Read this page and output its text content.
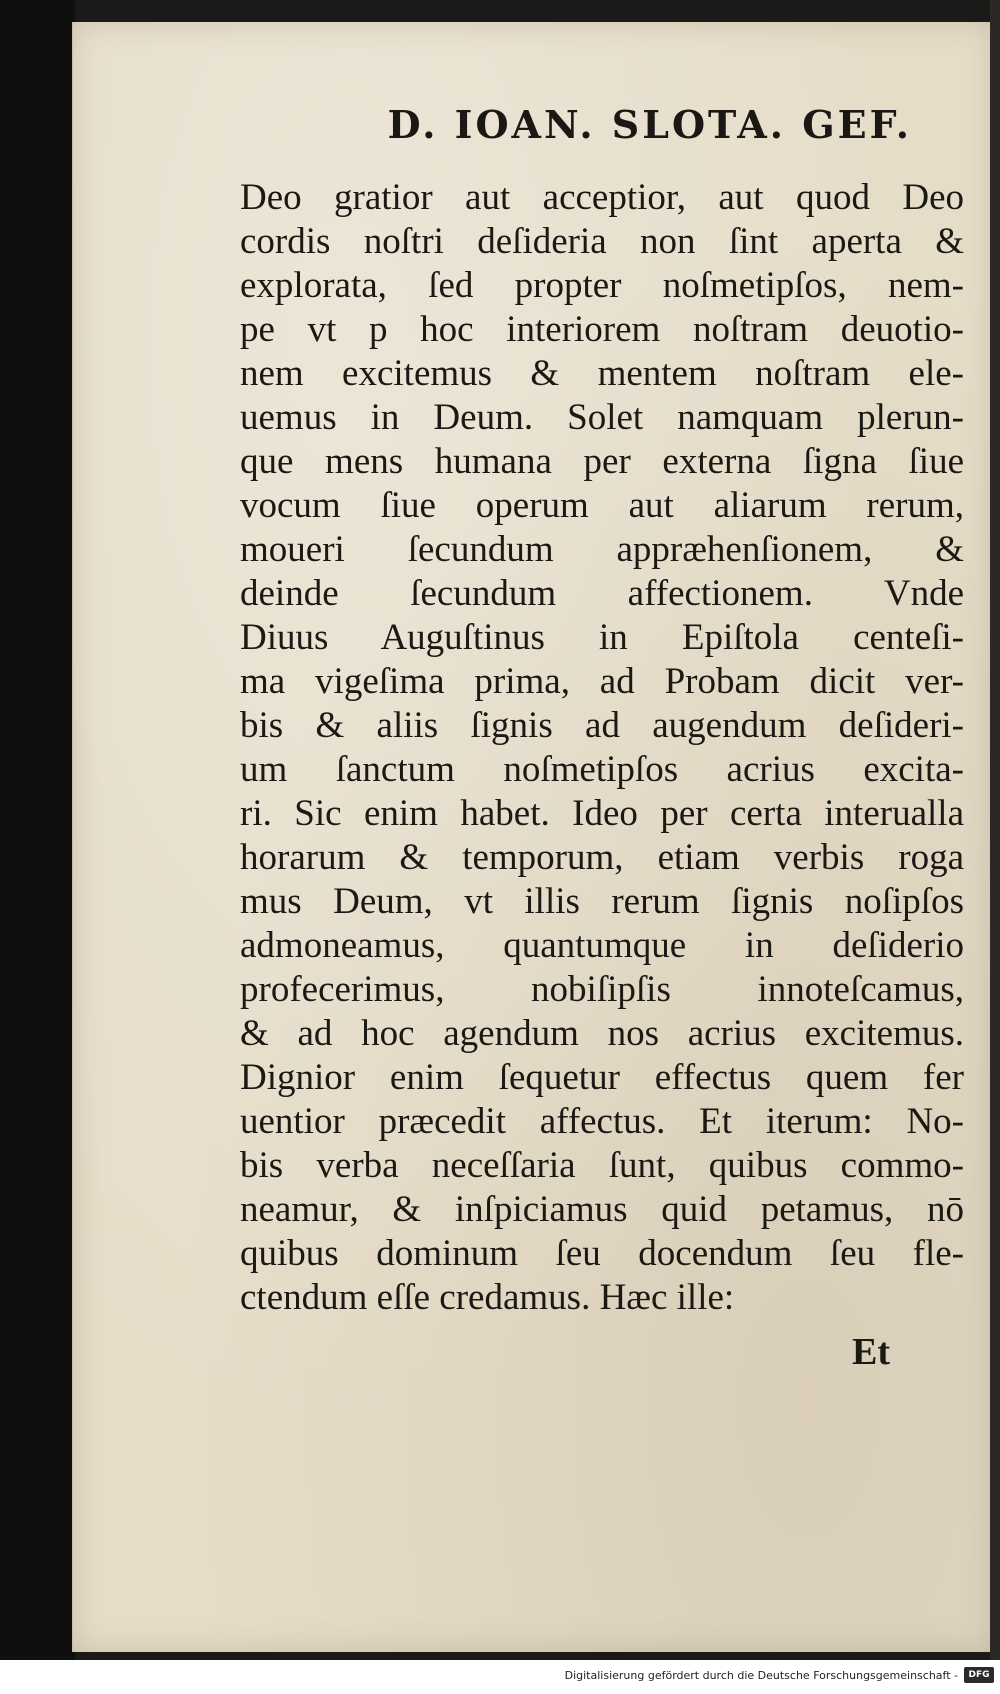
D. IOAN. SLOTA. GEF.
Deo gratior aut acceptior, aut quod Deo
cordis noſtri deſideria non ſint aperta &
explorata, ſed propter noſmetipſos, nem-
pe vt p hoc interiorem noſtram deuotio-
nem excitemus & mentem noſtram ele-
uemus in Deum. Solet namquam plerun-
que mens humana per externa ſigna ſiue
vocum ſiue operum aut aliarum rerum,
moueri ſecundum apprӕhenſionem, &
deinde ſecundum affectionem. Vnde
Diuus Auguſtinus in Epiſtola centeſi-
ma vigeſima prima, ad Probam dicit ver-
bis & aliis ſignis ad augendum deſideri-
um ſanctum noſmetipſos acrius excita-
ri. Sic enim habet. Ideo per certa interualla
horarum & temporum, etiam verbis roga
mus Deum, vt illis rerum ſignis noſipſos
admoneamus, quantumque in deſiderio
profecerimus, nobiſipſis innoteſcamus,
& ad hoc agendum nos acrius excitemus.
Dignior enim ſequetur effectus quem fer
uentior prӕcedit affectus. Et iterum: No-
bis verba neceſſaria ſunt, quibus commo-
neamur, & inſpiciamus quid petamus, nō
quibus dominum ſeu docendum ſeu fle-
ctendum eſſe credamus. Hӕc ille:
Et
Digitalisierung gefördert durch die Deutsche Forschungsgemeinschaft -	DFG
